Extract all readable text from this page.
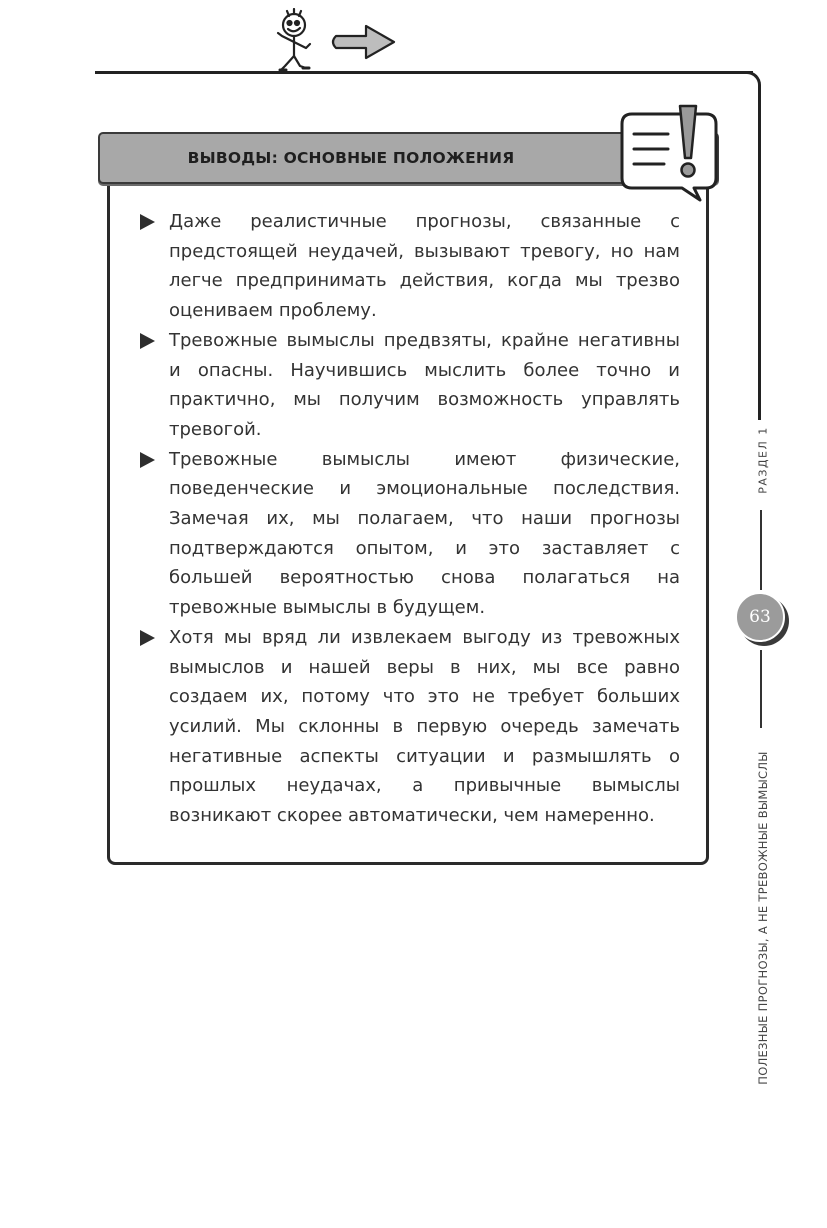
РАЗДЕЛ 1
63
ПОЛЕЗНЫЕ ПРОГНОЗЫ, А НЕ ТРЕВОЖНЫЕ ВЫМЫСЛЫ
ВЫВОДЫ: ОСНОВНЫЕ ПОЛОЖЕНИЯ
Даже реалистичные прогнозы, связанные с предстоящей неудачей, вызывают тревогу, но нам легче предпринимать действия, когда мы трезво оцениваем проблему.
Тревожные вымыслы предвзяты, крайне негативны и опасны. Научившись мыслить более точно и практично, мы получим возможность управлять тревогой.
Тревожные вымыслы имеют физические, поведенческие и эмоциональные последствия. Замечая их, мы полагаем, что наши прогнозы подтверждаются опытом, и это заставляет с большей вероятностью снова полагаться на тревожные вымыслы в будущем.
Хотя мы вряд ли извлекаем выгоду из тревожных вымыслов и нашей веры в них, мы все равно создаем их, потому что это не требует больших усилий. Мы склонны в первую очередь замечать негативные аспекты ситуации и размышлять о прошлых неудачах, а привычные вымыслы возникают скорее автоматически, чем намеренно.
